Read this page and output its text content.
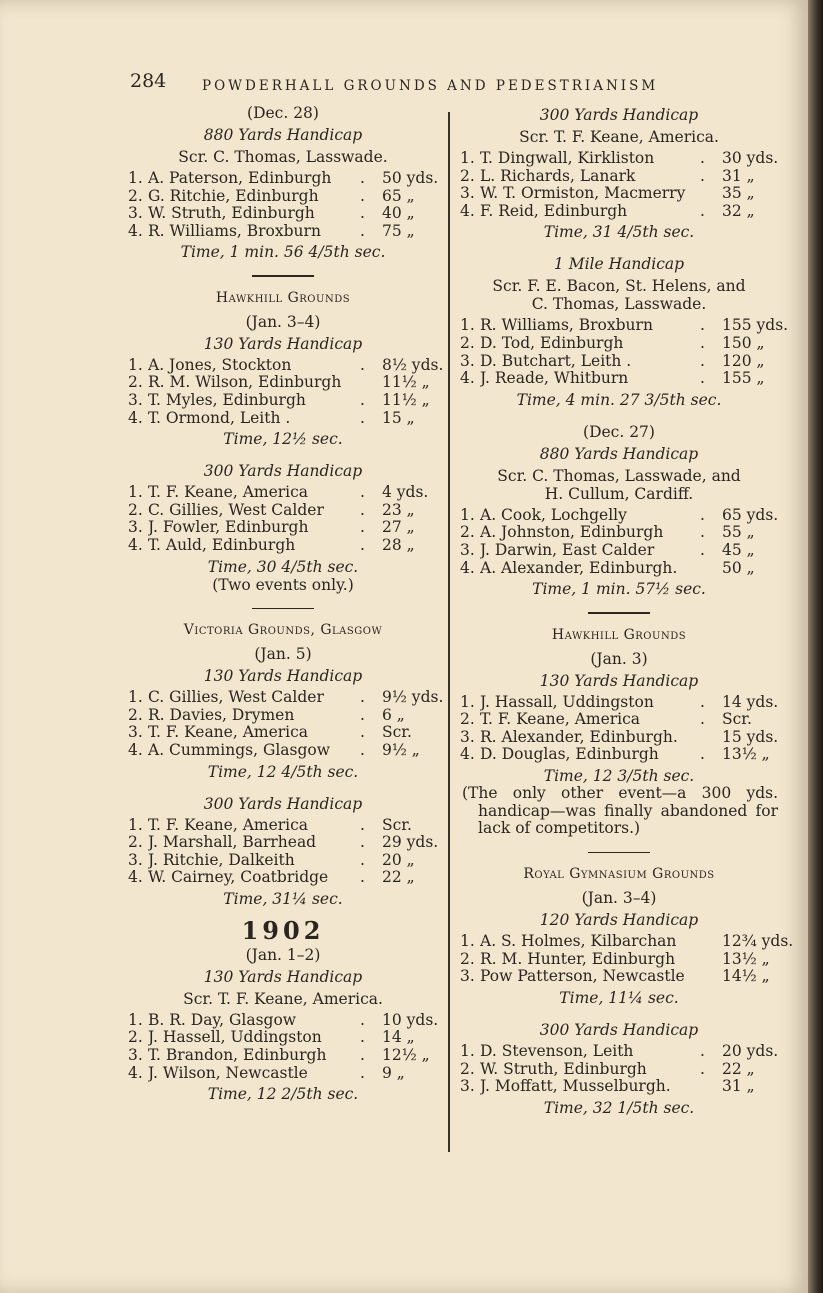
284	POWDERHALL GROUNDS AND PEDESTRIANISM
(Dec. 28)
880 Yards Handicap
Scr. C. Thomas, Lasswade.
1. A. Paterson, Edinburgh	.	50 yds.
2. G. Ritchie, Edinburgh	.	65 „
3. W. Struth, Edinburgh	.	40 „
4. R. Williams, Broxburn	.	75 „
Time, 1 min. 56 4/5th sec.
Hawkhill Grounds
(Jan. 3–4)
130 Yards Handicap
1. A. Jones, Stockton	.	8½ yds.
2. R. M. Wilson, Edinburgh	11½ „
3. T. Myles, Edinburgh	.	11½ „
4. T. Ormond, Leith .	.	15 „
Time, 12½ sec.
300 Yards Handicap
1. T. F. Keane, America	.	4 yds.
2. C. Gillies, West Calder	.	23 „
3. J. Fowler, Edinburgh	.	27 „
4. T. Auld, Edinburgh	.	28 „
Time, 30 4/5th sec.
(Two events only.)
Victoria Grounds, Glasgow
(Jan. 5)
130 Yards Handicap
1. C. Gillies, West Calder	.	9½ yds.
2. R. Davies, Drymen	.	6 „
3. T. F. Keane, America	.	Scr.
4. A. Cummings, Glasgow	.	9½ „
Time, 12 4/5th sec.
300 Yards Handicap
1. T. F. Keane, America	.	Scr.
2. J. Marshall, Barrhead	.	29 yds.
3. J. Ritchie, Dalkeith	.	20 „
4. W. Cairney, Coatbridge	.	22 „
Time, 31¼ sec.
1902
(Jan. 1–2)
130 Yards Handicap
Scr. T. F. Keane, America.
1. B. R. Day, Glasgow	.	10 yds.
2. J. Hassell, Uddingston	.	14 „
3. T. Brandon, Edinburgh	.	12½ „
4. J. Wilson, Newcastle	.	9 „
Time, 12 2/5th sec.
300 Yards Handicap
Scr. T. F. Keane, America.
1. T. Dingwall, Kirkliston	.	30 yds.
2. L. Richards, Lanark	.	31 „
3. W. T. Ormiston, Macmerry	35 „
4. F. Reid, Edinburgh	.	32 „
Time, 31 4/5th sec.
1 Mile Handicap
Scr. F. E. Bacon, St. Helens, and
C. Thomas, Lasswade.
1. R. Williams, Broxburn	.	155 yds.
2. D. Tod, Edinburgh	.	150 „
3. D. Butchart, Leith .	.	120 „
4. J. Reade, Whitburn	.	155 „
Time, 4 min. 27 3/5th sec.
(Dec. 27)
880 Yards Handicap
Scr. C. Thomas, Lasswade, and
H. Cullum, Cardiff.
1. A. Cook, Lochgelly	.	65 yds.
2. A. Johnston, Edinburgh	.	55 „
3. J. Darwin, East Calder	.	45 „
4. A. Alexander, Edinburgh.	50 „
Time, 1 min. 57½ sec.
Hawkhill Grounds
(Jan. 3)
130 Yards Handicap
1. J. Hassall, Uddingston	.	14 yds.
2. T. F. Keane, America	.	Scr.
3. R. Alexander, Edinburgh.	15 yds.
4. D. Douglas, Edinburgh	.	13½ „
Time, 12 3/5th sec.
(The only other event—a 300 yds. handicap—was finally abandoned for lack of competitors.)
Royal Gymnasium Grounds
(Jan. 3–4)
120 Yards Handicap
1. A. S. Holmes, Kilbarchan	12¾ yds.
2. R. M. Hunter, Edinburgh	13½ „
3. Pow Patterson, Newcastle	14½ „
Time, 11¼ sec.
300 Yards Handicap
1. D. Stevenson, Leith	.	20 yds.
2. W. Struth, Edinburgh	.	22 „
3. J. Moffatt, Musselburgh.	31 „
Time, 32 1/5th sec.
